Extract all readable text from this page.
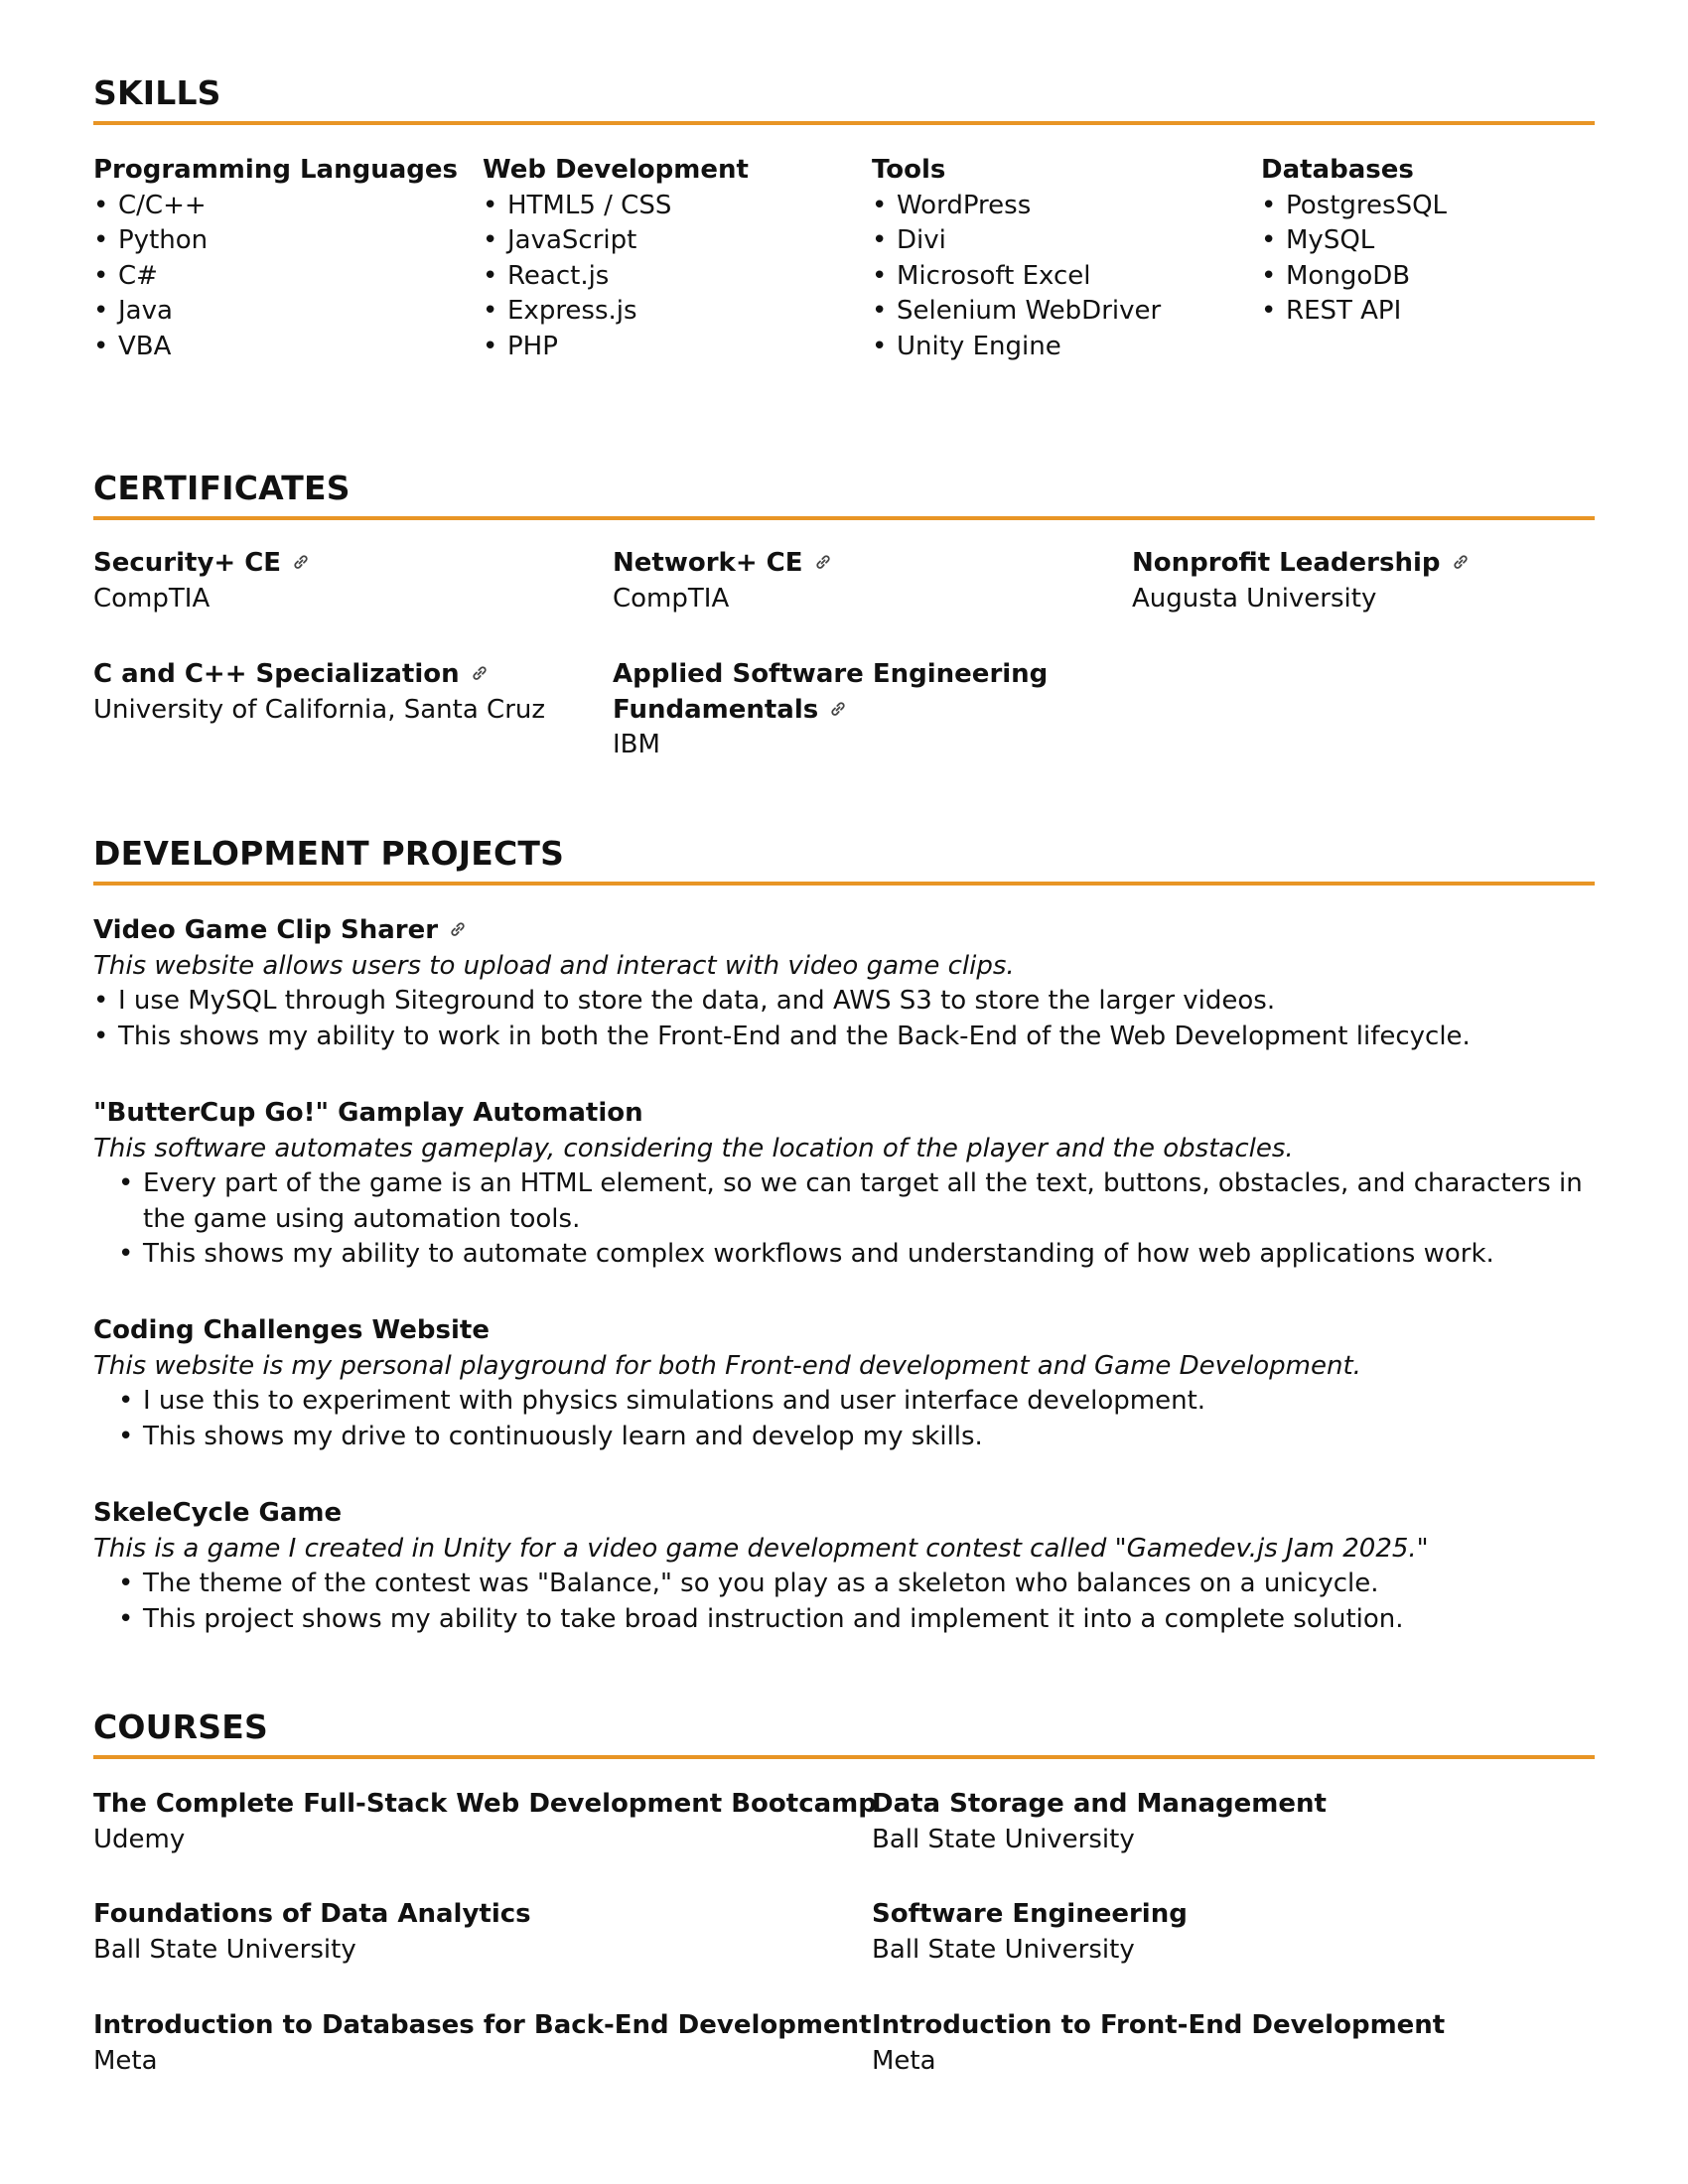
SKILLS
Programming Languages
• C/C++
• Python
• C#
• Java
• VBA
Web Development
• HTML5 / CSS
• JavaScript
• React.js
• Express.js
• PHP
Tools
• WordPress
• Divi
• Microsoft Excel
• Selenium WebDriver
• Unity Engine
Databases
• PostgresSQL
• MySQL
• MongoDB
• REST API
CERTIFICATES
Security+ CE
CompTIA
Network+ CE
CompTIA
Nonprofit Leadership
Augusta University
C and C++ Specialization
University of California, Santa Cruz
Applied Software Engineering
Fundamentals
IBM
DEVELOPMENT PROJECTS
Video Game Clip Sharer
This website allows users to upload and interact with video game clips.
• I use MySQL through Siteground to store the data, and AWS S3 to store the larger videos.
• This shows my ability to work in both the Front-End and the Back-End of the Web Development lifecycle.
"ButterCup Go!" Gamplay Automation
This software automates gameplay, considering the location of the player and the obstacles.
• Every part of the game is an HTML element, so we can target all the text, buttons, obstacles, and characters in the game using automation tools.
• This shows my ability to automate complex workflows and understanding of how web applications work.
Coding Challenges Website
This website is my personal playground for both Front-end development and Game Development.
• I use this to experiment with physics simulations and user interface development.
• This shows my drive to continuously learn and develop my skills.
SkeleCycle Game
This is a game I created in Unity for a video game development contest called "Gamedev.js Jam 2025."
• The theme of the contest was "Balance," so you play as a skeleton who balances on a unicycle.
• This project shows my ability to take broad instruction and implement it into a complete solution.
COURSES
The Complete Full-Stack Web Development Bootcamp
Udemy
Data Storage and Management
Ball State University
Foundations of Data Analytics
Ball State University
Software Engineering
Ball State University
Introduction to Databases for Back-End Development
Meta
Introduction to Front-End Development
Meta
